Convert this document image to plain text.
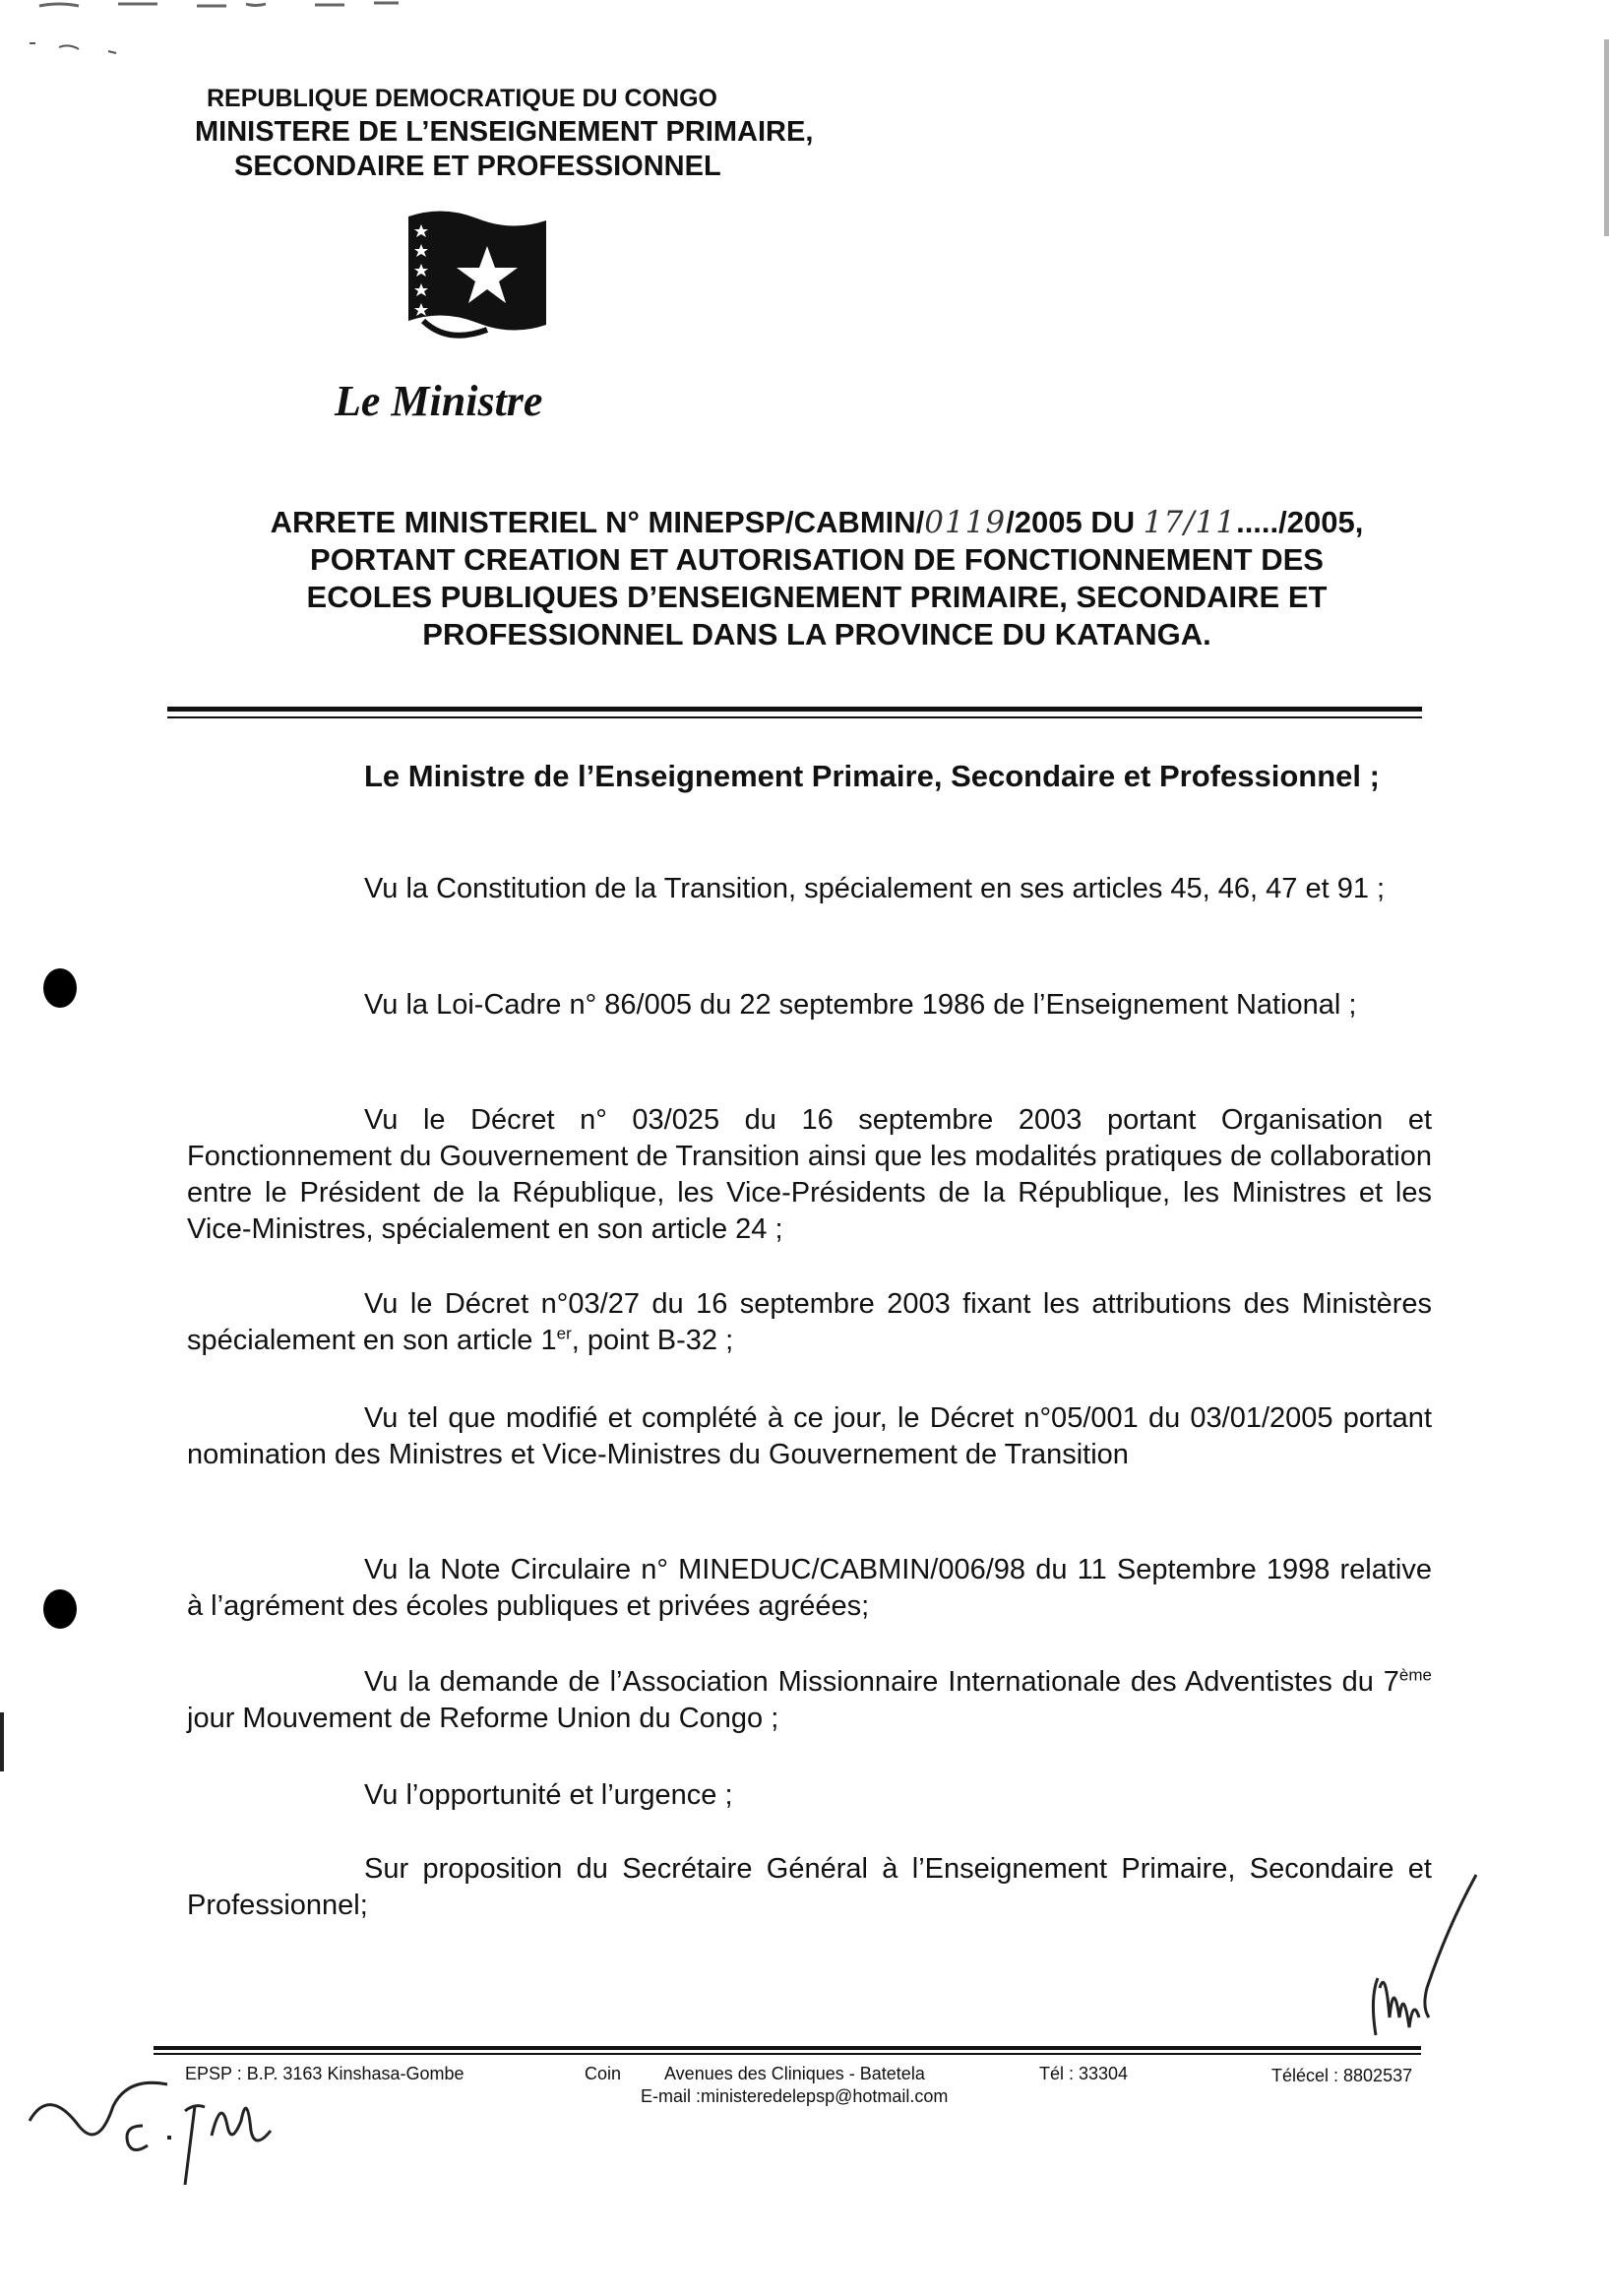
REPUBLIQUE DEMOCRATIQUE DU CONGO
MINISTERE DE L’ENSEIGNEMENT PRIMAIRE,
SECONDAIRE ET PROFESSIONNEL
Le Ministre
ARRETE MINISTERIEL N° MINEPSP/CABMIN/0119/2005 DU 17/11...../2005,
PORTANT CREATION ET AUTORISATION DE FONCTIONNEMENT DES
ECOLES PUBLIQUES D’ENSEIGNEMENT PRIMAIRE, SECONDAIRE ET
PROFESSIONNEL DANS LA PROVINCE DU KATANGA.
Le Ministre de l’Enseignement Primaire, Secondaire et Professionnel ;
Vu la Constitution de la Transition, spécialement en ses articles 45, 46, 47 et 91 ;
Vu la Loi-Cadre n° 86/005 du 22 septembre 1986 de l’Enseignement National ;
Vu le Décret n° 03/025 du 16 septembre 2003 portant Organisation et Fonctionnement du Gouvernement de Transition ainsi que les modalités pratiques de collaboration entre le Président de la République, les Vice-Présidents de la République, les Ministres et les Vice-Ministres, spécialement en son article 24 ;
Vu le Décret n°03/27 du 16 septembre 2003 fixant les attributions des Ministères spécialement en son article 1er, point B-32 ;
Vu tel que modifié et complété à ce jour, le Décret n°05/001 du 03/01/2005 portant nomination des Ministres et Vice-Ministres du Gouvernement de Transition
Vu la Note Circulaire n° MINEDUC/CABMIN/006/98 du 11 Septembre 1998 relative à l’agrément des écoles publiques et privées agréées;
Vu la demande de l’Association Missionnaire Internationale des Adventistes du 7ème jour Mouvement de Reforme Union du Congo ;
Vu l’opportunité et l’urgence ;
Sur proposition du Secrétaire Général à l’Enseignement Primaire, Secondaire et Professionnel;
EPSP : B.P. 3163 Kinshasa-Gombe	Coin Avenues des Cliniques - Batetela	Tél : 33304	Télécel : 8802537
E-mail :ministeredelepsp@hotmail.com
